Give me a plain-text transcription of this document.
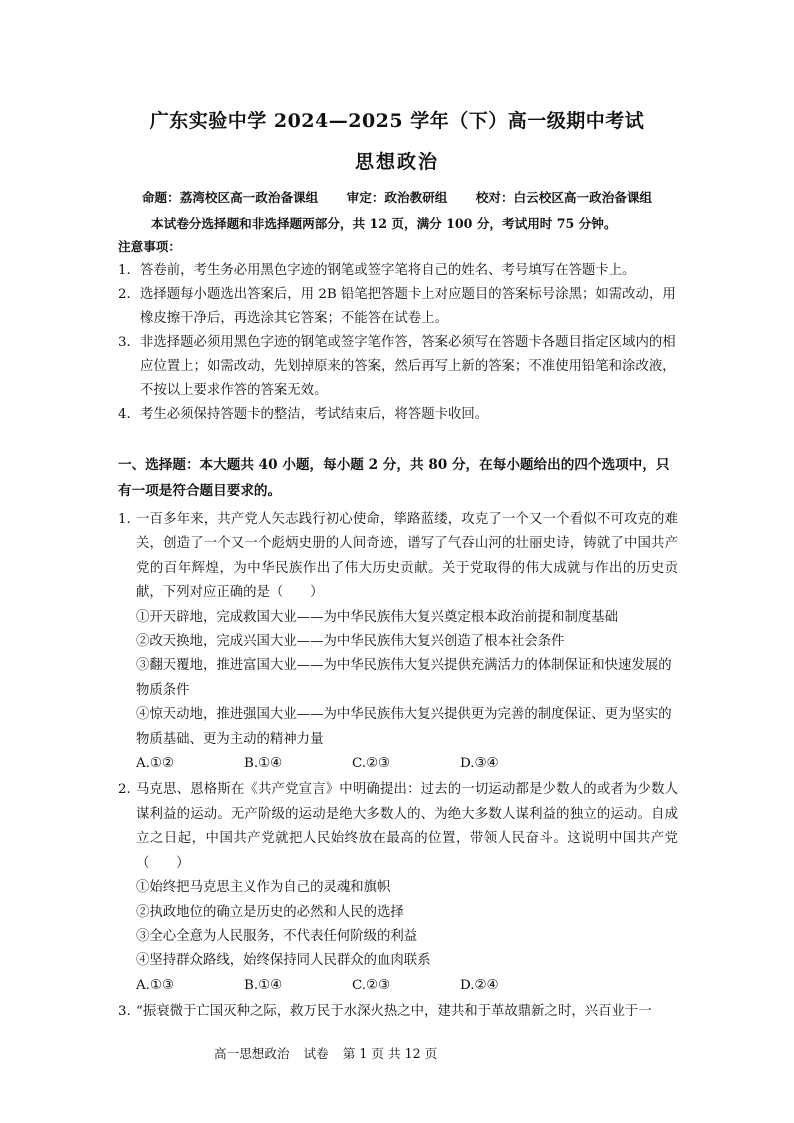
广东实验中学 2024—2025 学年（下）高一级期中考试
思想政治
命题：荔湾校区高一政治备课组 审定：政治教研组 校对：白云校区高一政治备课组
本试卷分选择题和非选择题两部分，共 12 页，满分 100 分，考试用时 75 分钟。
注意事项：
1． 答卷前，考生务必用黑色字迹的钢笔或签字笔将自己的姓名、考号填写在答题卡上。
2． 选择题每小题选出答案后，用 2B 铅笔把答题卡上对应题目的答案标号涂黑；如需改动，用橡皮擦干净后，再选涂其它答案；不能答在试卷上。
3． 非选择题必须用黑色字迹的钢笔或签字笔作答，答案必须写在答题卡各题目指定区域内的相应位置上；如需改动，先划掉原来的答案，然后再写上新的答案；不准使用铅笔和涂改液，不按以上要求作答的答案无效。
4． 考生必须保持答题卡的整洁，考试结束后，将答题卡收回。
一、选择题：本大题共 40 小题，每小题 2 分，共 80 分，在每小题给出的四个选项中，只有一项是符合题目要求的。
1. 一百多年来，共产党人矢志践行初心使命，筚路蓝缕，攻克了一个又一个看似不可攻克的难关，创造了一个又一个彪炳史册的人间奇迹，谱写了气吞山河的壮丽史诗，铸就了中国共产党的百年辉煌，为中华民族作出了伟大历史贡献。关于党取得的伟大成就与作出的历史贡献，下列对应正确的是（　　）
①开天辟地，完成救国大业——为中华民族伟大复兴奠定根本政治前提和制度基础
②改天换地，完成兴国大业——为中华民族伟大复兴创造了根本社会条件
③翻天覆地，推进富国大业——为中华民族伟大复兴提供充满活力的体制保证和快速发展的物质条件
④惊天动地，推进强国大业——为中华民族伟大复兴提供更为完善的制度保证、更为坚实的物质基础、更为主动的精神力量
A.①②	B.①④	C.②③	D.③④
2. 马克思、恩格斯在《共产党宣言》中明确提出：过去的一切运动都是少数人的或者为少数人谋利益的运动。无产阶级的运动是绝大多数人的、为绝大多数人谋利益的独立的运动。自成立之日起，中国共产党就把人民始终放在最高的位置，带领人民奋斗。这说明中国共产党（　　）
①始终把马克思主义作为自己的灵魂和旗帜
②执政地位的确立是历史的必然和人民的选择
③全心全意为人民服务，不代表任何阶级的利益
④坚持群众路线，始终保持同人民群众的血肉联系
A.①③	B.①④	C.②③	D.②④
3. “振衰微于亡国灭种之际，救万民于水深火热之中，建共和于革故鼎新之时，兴百业于一
高一思想政治 试卷 第 1 页 共 12 页
